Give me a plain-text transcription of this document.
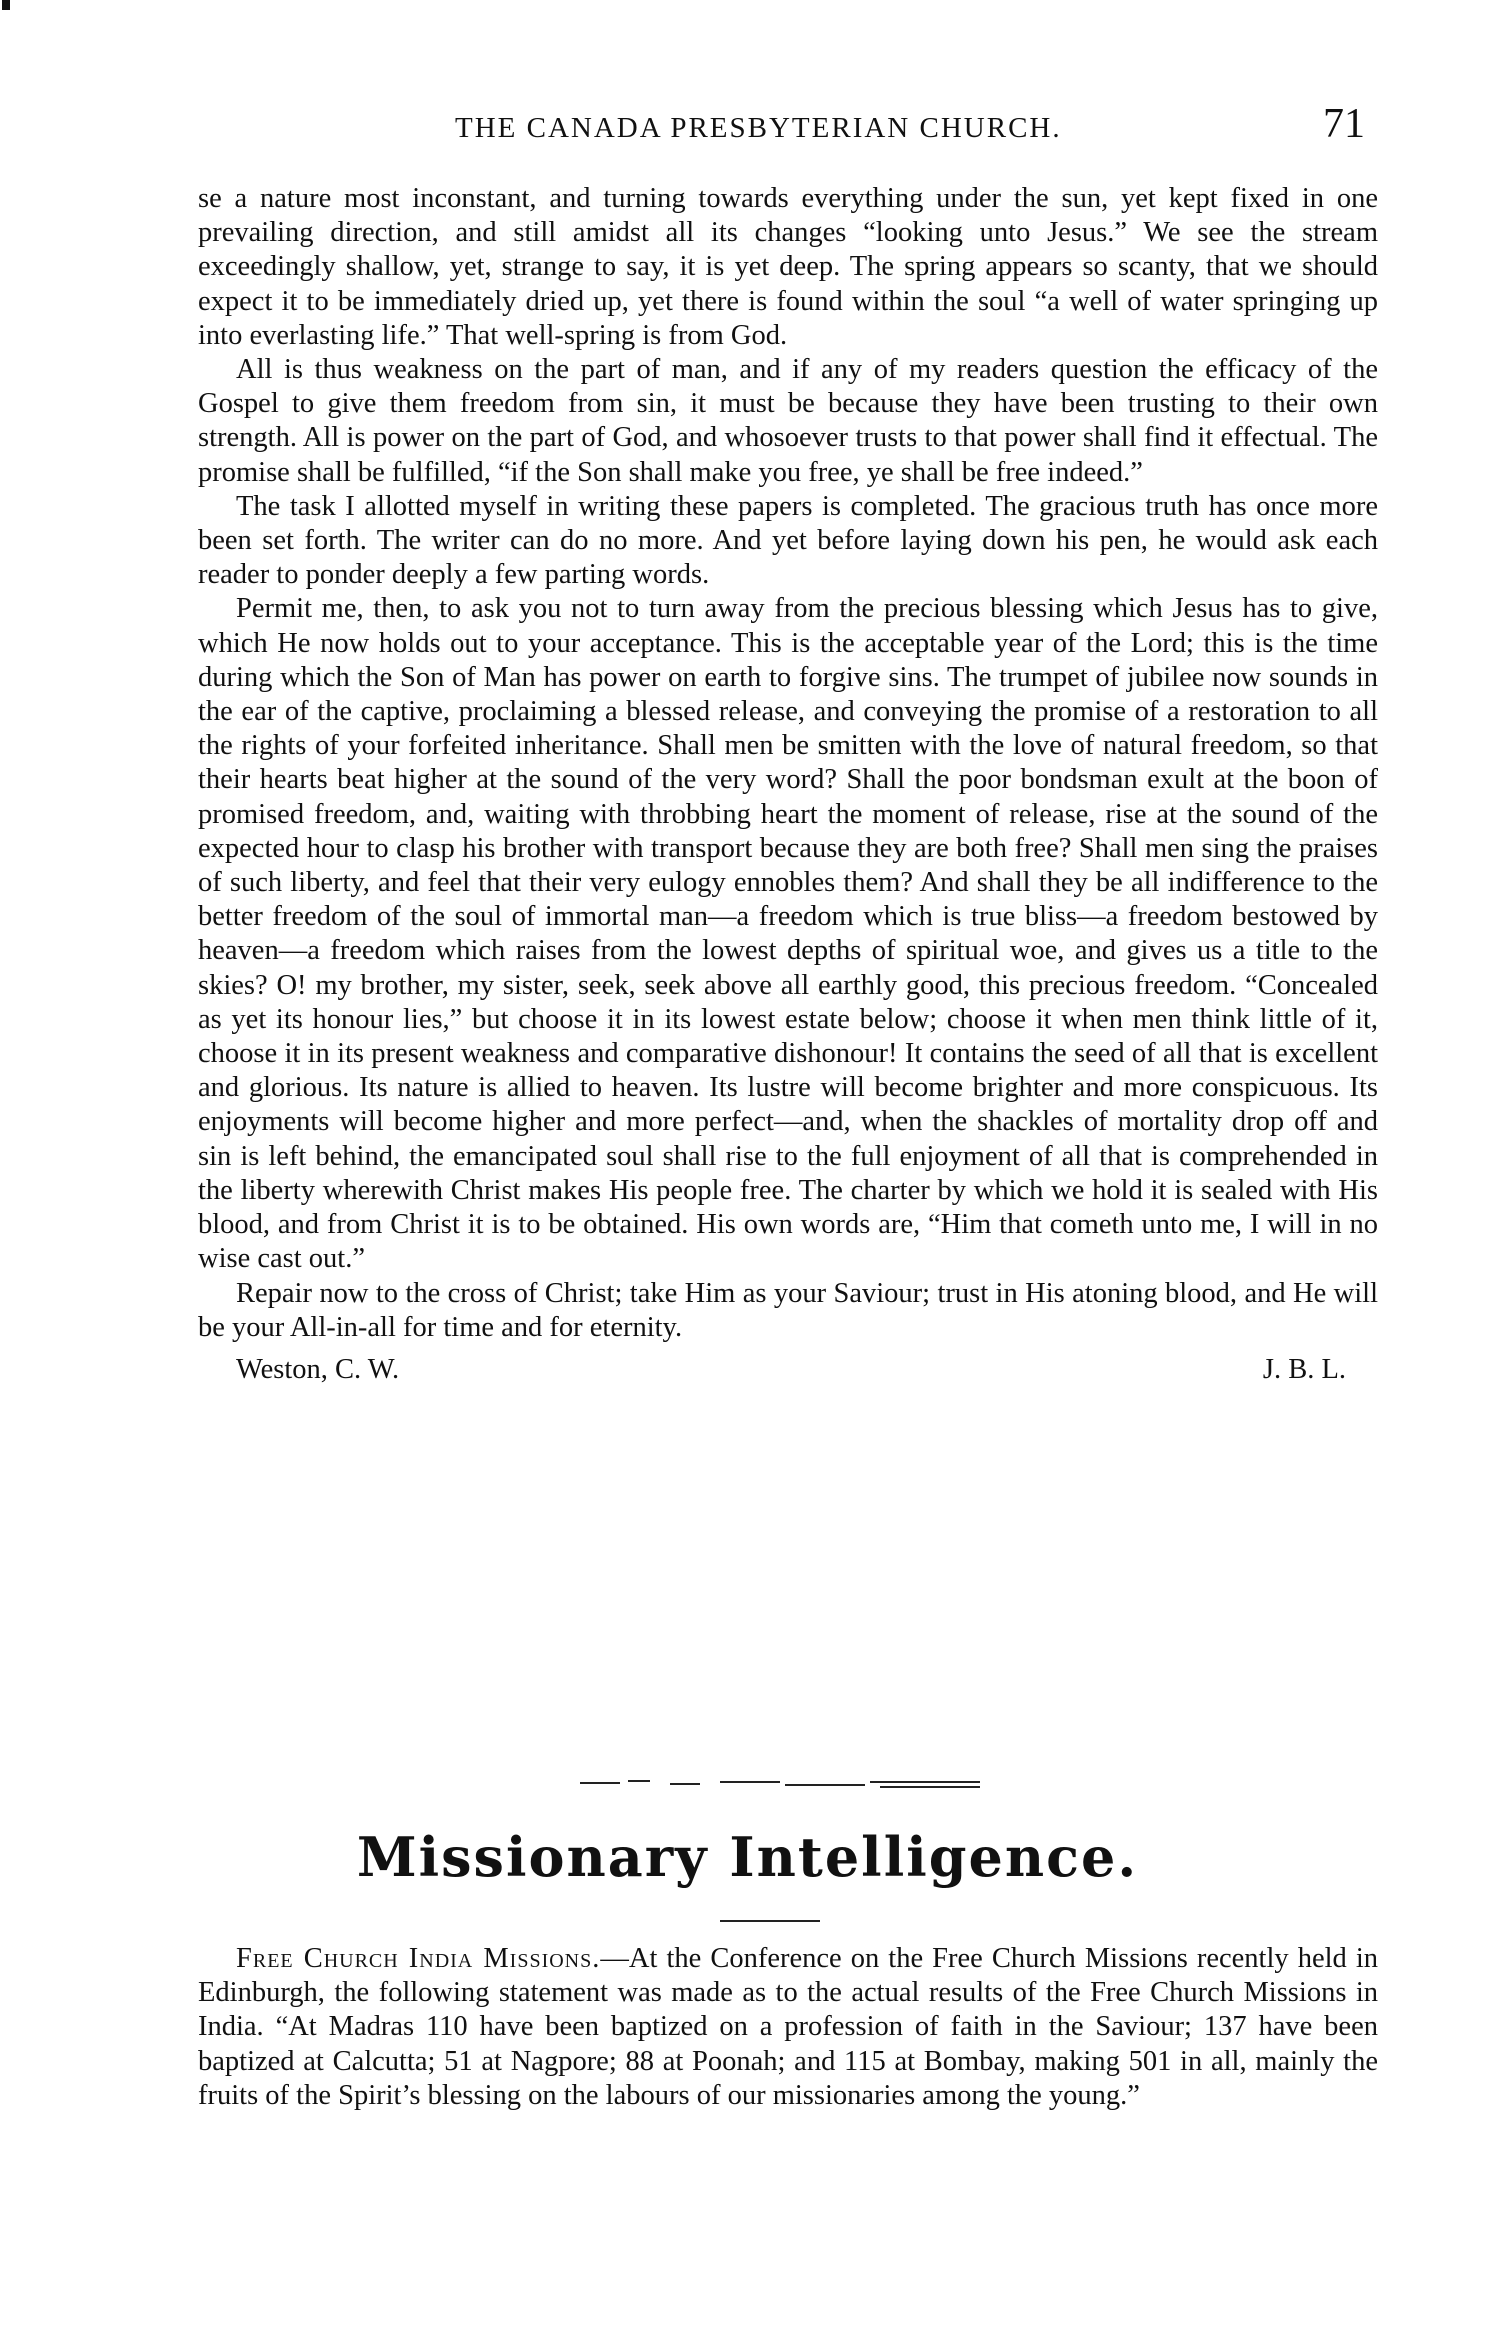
THE CANADA PRESBYTERIAN CHURCH.	71

se a nature most inconstant, and turning towards everything under the sun, yet kept fixed in one prevailing direction, and still amidst all its changes “looking unto Jesus.” We see the stream exceedingly shallow, yet, strange to say, it is yet deep. The spring appears so scanty, that we should expect it to be immediately dried up, yet there is found within the soul “a well of water springing up into everlasting life.” That well-spring is from God.

All is thus weakness on the part of man, and if any of my readers question the efficacy of the Gospel to give them freedom from sin, it must be because they have been trusting to their own strength. All is power on the part of God, and whosoever trusts to that power shall find it effectual. The promise shall be fulfilled, “if the Son shall make you free, ye shall be free indeed.”

The task I allotted myself in writing these papers is completed. The gracious truth has once more been set forth. The writer can do no more. And yet before laying down his pen, he would ask each reader to ponder deeply a few parting words.

Permit me, then, to ask you not to turn away from the precious blessing which Jesus has to give, which He now holds out to your acceptance. This is the acceptable year of the Lord; this is the time during which the Son of Man has power on earth to forgive sins. The trumpet of jubilee now sounds in the ear of the captive, proclaiming a blessed release, and conveying the promise of a restoration to all the rights of your forfeited inheritance. Shall men be smitten with the love of natural freedom, so that their hearts beat higher at the sound of the very word? Shall the poor bondsman exult at the boon of promised freedom, and, waiting with throbbing heart the moment of release, rise at the sound of the expected hour to clasp his brother with transport because they are both free? Shall men sing the praises of such liberty, and feel that their very eulogy ennobles them? And shall they be all indifference to the better freedom of the soul of immortal man—a freedom which is true bliss—a freedom bestowed by heaven—a freedom which raises from the lowest depths of spiritual woe, and gives us a title to the skies? O! my brother, my sister, seek, seek above all earthly good, this precious freedom. “Concealed as yet its honour lies,” but choose it in its lowest estate below; choose it when men think little of it, choose it in its present weakness and comparative dishonour! It contains the seed of all that is excellent and glorious. Its nature is allied to heaven. Its lustre will become brighter and more conspicuous. Its enjoyments will become higher and more perfect—and, when the shackles of mortality drop off and sin is left behind, the emancipated soul shall rise to the full enjoyment of all that is comprehended in the liberty wherewith Christ makes His people free. The charter by which we hold it is sealed with His blood, and from Christ it is to be obtained. His own words are, “Him that cometh unto me, I will in no wise cast out.”

Repair now to the cross of Christ; take Him as your Saviour; trust in His atoning blood, and He will be your All-in-all for time and for eternity.

Weston, C. W.	J. B. L.
Missionary Intelligence.

Free Church India Missions.—At the Conference on the Free Church Missions recently held in Edinburgh, the following statement was made as to the actual results of the Free Church Missions in India. “At Madras 110 have been baptized on a profession of faith in the Saviour; 137 have been baptized at Calcutta; 51 at Nagpore; 88 at Poonah; and 115 at Bombay, making 501 in all, mainly the fruits of the Spirit’s blessing on the labours of our missionaries among the young.”
